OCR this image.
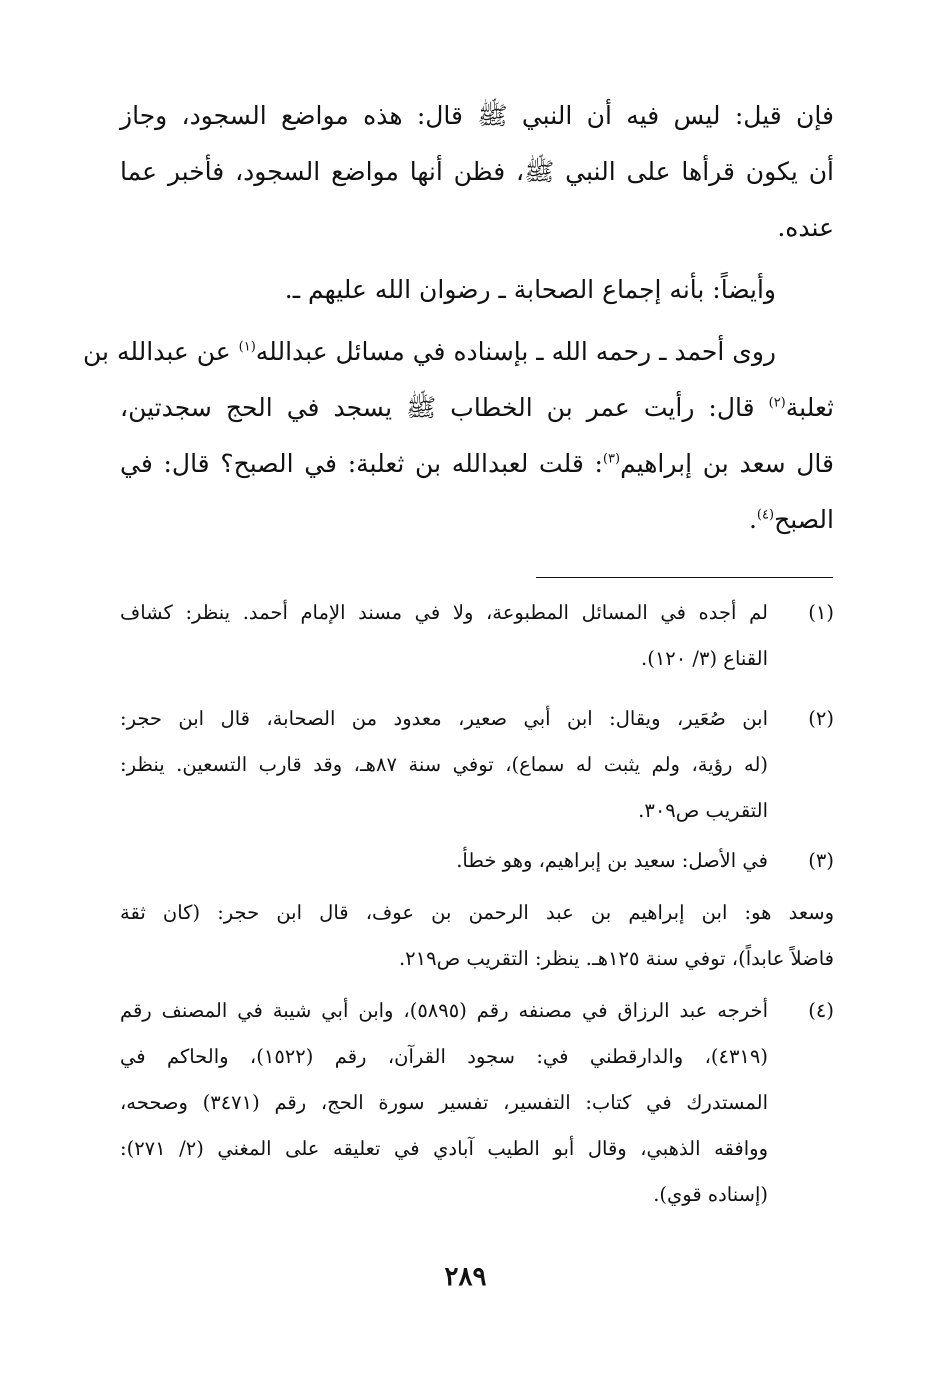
فإن قيل: ليس فيه أن النبي ﷺ قال: هذه مواضع السجود، وجاز
أن يكون قرأها على النبي ﷺ، فظن أنها مواضع السجود، فأخبر عما
عنده.
وأيضاً: بأنه إجماع الصحابة ـ رضوان الله عليهم ـ.
روى أحمد ـ رحمه الله ـ بإسناده في مسائل عبدالله$^{(١)}$ عن عبدالله بن
ثعلبة$^{(٢)}$ قال: رأيت عمر بن الخطاب ﷺ يسجد في الحج سجدتين،
قال سعد بن إبراهيم$^{(٣)}$: قلت لعبدالله بن ثعلبة: في الصبح؟ قال: في
الصبح$^{(٤)}$.
(١)
لم أجده في المسائل المطبوعة، ولا في مسند الإمام أحمد. ينظر: كشاف
القناع (٣/ ١٢٠).
(٢)
ابن صُعَير، ويقال: ابن أبي صعير، معدود من الصحابة، قال ابن حجر:
(له رؤية، ولم يثبت له سماع)، توفي سنة ٨٧هـ، وقد قارب التسعين. ينظر:
التقريب ص٣٠٩.
(٣)
في الأصل: سعيد بن إبراهيم، وهو خطأ.
وسعد هو: ابن إبراهيم بن عبد الرحمن بن عوف، قال ابن حجر: (كان ثقة
فاضلاً عابداً)، توفي سنة ١٢٥هـ. ينظر: التقريب ص٢١٩.
(٤)
أخرجه عبد الرزاق في مصنفه رقم (٥٨٩٥)، وابن أبي شيبة في المصنف رقم
(٤٣١٩)، والدارقطني في: سجود القرآن، رقم (١٥٢٢)، والحاكم في
المستدرك في كتاب: التفسير، تفسير سورة الحج، رقم (٣٤٧١) وصححه،
ووافقه الذهبي، وقال أبو الطيب آبادي في تعليقه على المغني (٢/ ٢٧١):
(إسناده قوي).
٢٨٩
